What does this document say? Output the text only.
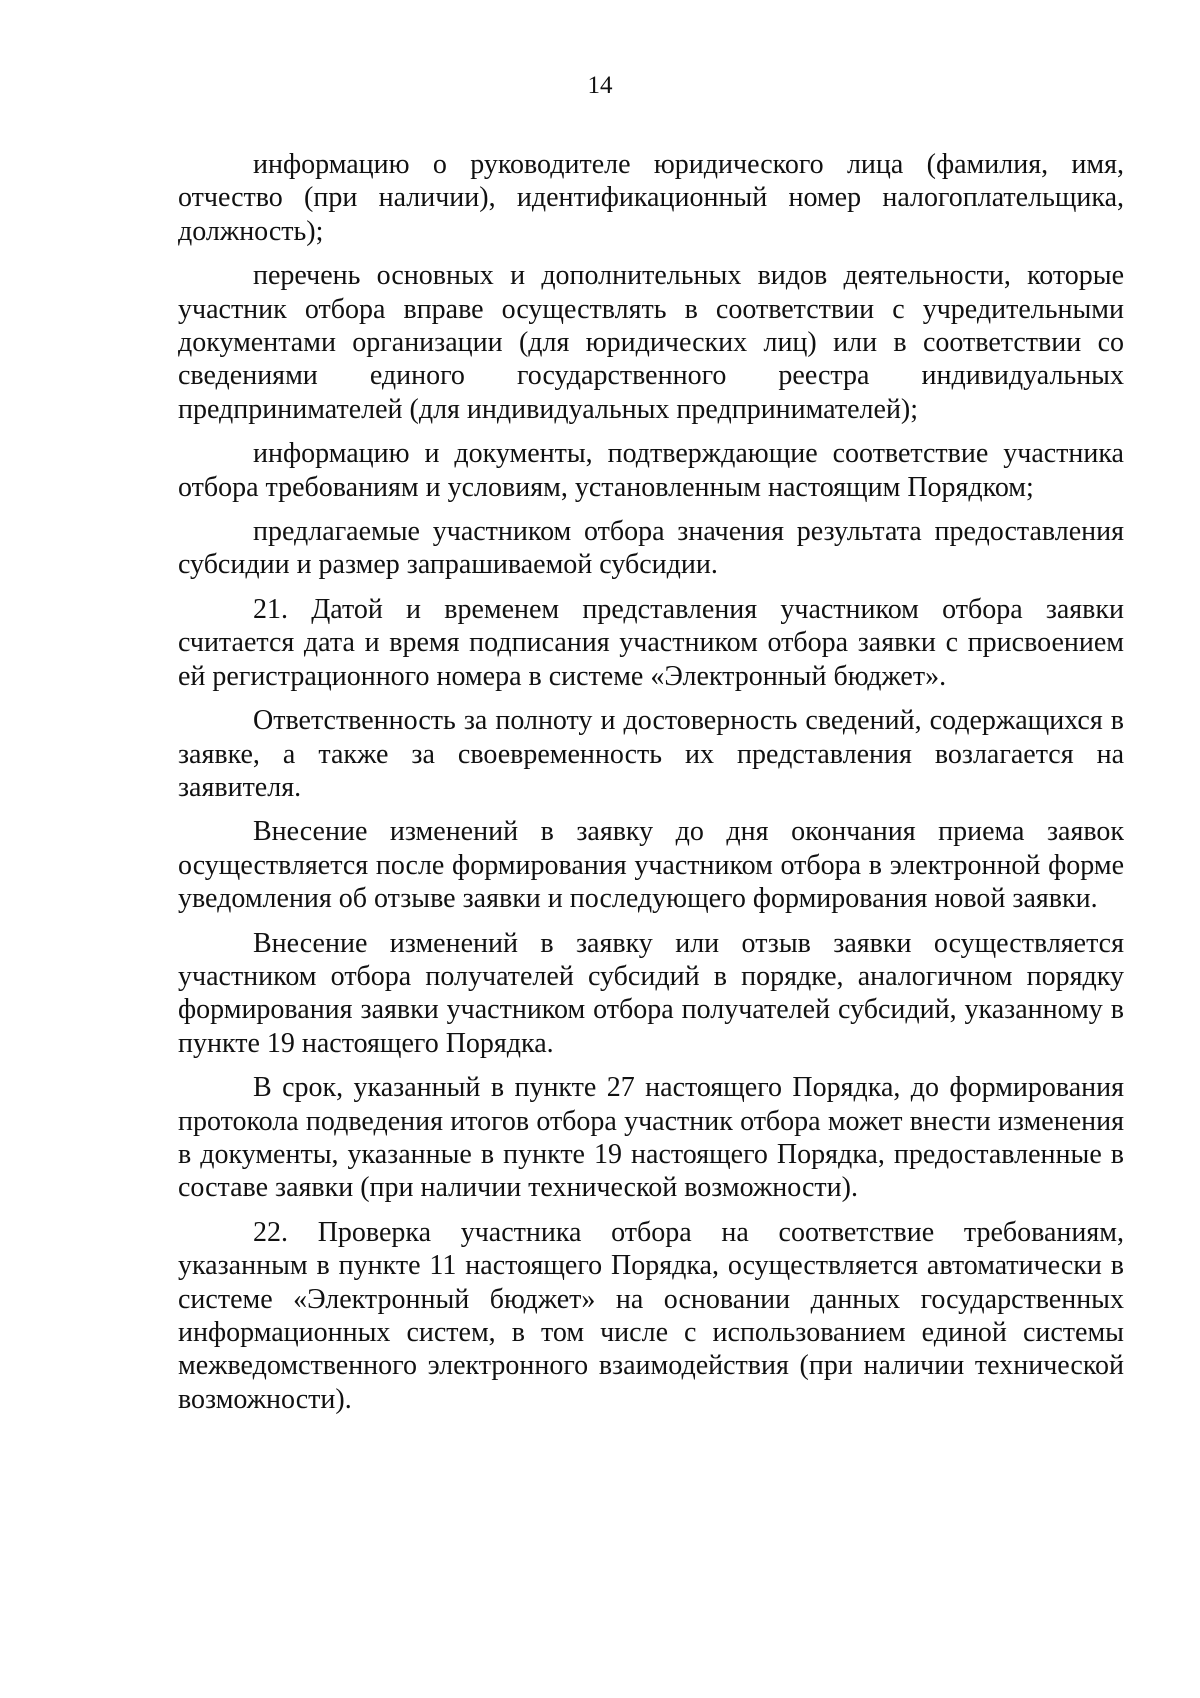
14

информацию о руководителе юридического лица (фамилия, имя, отчество (при наличии), идентификационный номер налогоплательщика, должность);

перечень основных и дополнительных видов деятельности, которые участник отбора вправе осуществлять в соответствии с учредительными документами организации (для юридических лиц) или в соответствии со сведениями единого государственного реестра индивидуальных предпринимателей (для индивидуальных предпринимателей);

информацию и документы, подтверждающие соответствие участника отбора требованиям и условиям, установленным настоящим Порядком;

предлагаемые участником отбора значения результата предоставления субсидии и размер запрашиваемой субсидии.

21. Датой и временем представления участником отбора заявки считается дата и время подписания участником отбора заявки с присвоением ей регистрационного номера в системе «Электронный бюджет».

Ответственность за полноту и достоверность сведений, содержащихся в заявке, а также за своевременность их представления возлагается на заявителя.

Внесение изменений в заявку до дня окончания приема заявок осуществляется после формирования участником отбора в электронной форме уведомления об отзыве заявки и последующего формирования новой заявки.

Внесение изменений в заявку или отзыв заявки осуществляется участником отбора получателей субсидий в порядке, аналогичном порядку формирования заявки участником отбора получателей субсидий, указанному в пункте 19 настоящего Порядка.

В срок, указанный в пункте 27 настоящего Порядка, до формирования протокола подведения итогов отбора участник отбора может внести изменения в документы, указанные в пункте 19 настоящего Порядка, предоставленные в составе заявки (при наличии технической возможности).

22. Проверка участника отбора на соответствие требованиям, указанным в пункте 11 настоящего Порядка, осуществляется автоматически в системе «Электронный бюджет» на основании данных государственных информационных систем, в том числе с использованием единой системы межведомственного электронного взаимодействия (при наличии технической возможности).
